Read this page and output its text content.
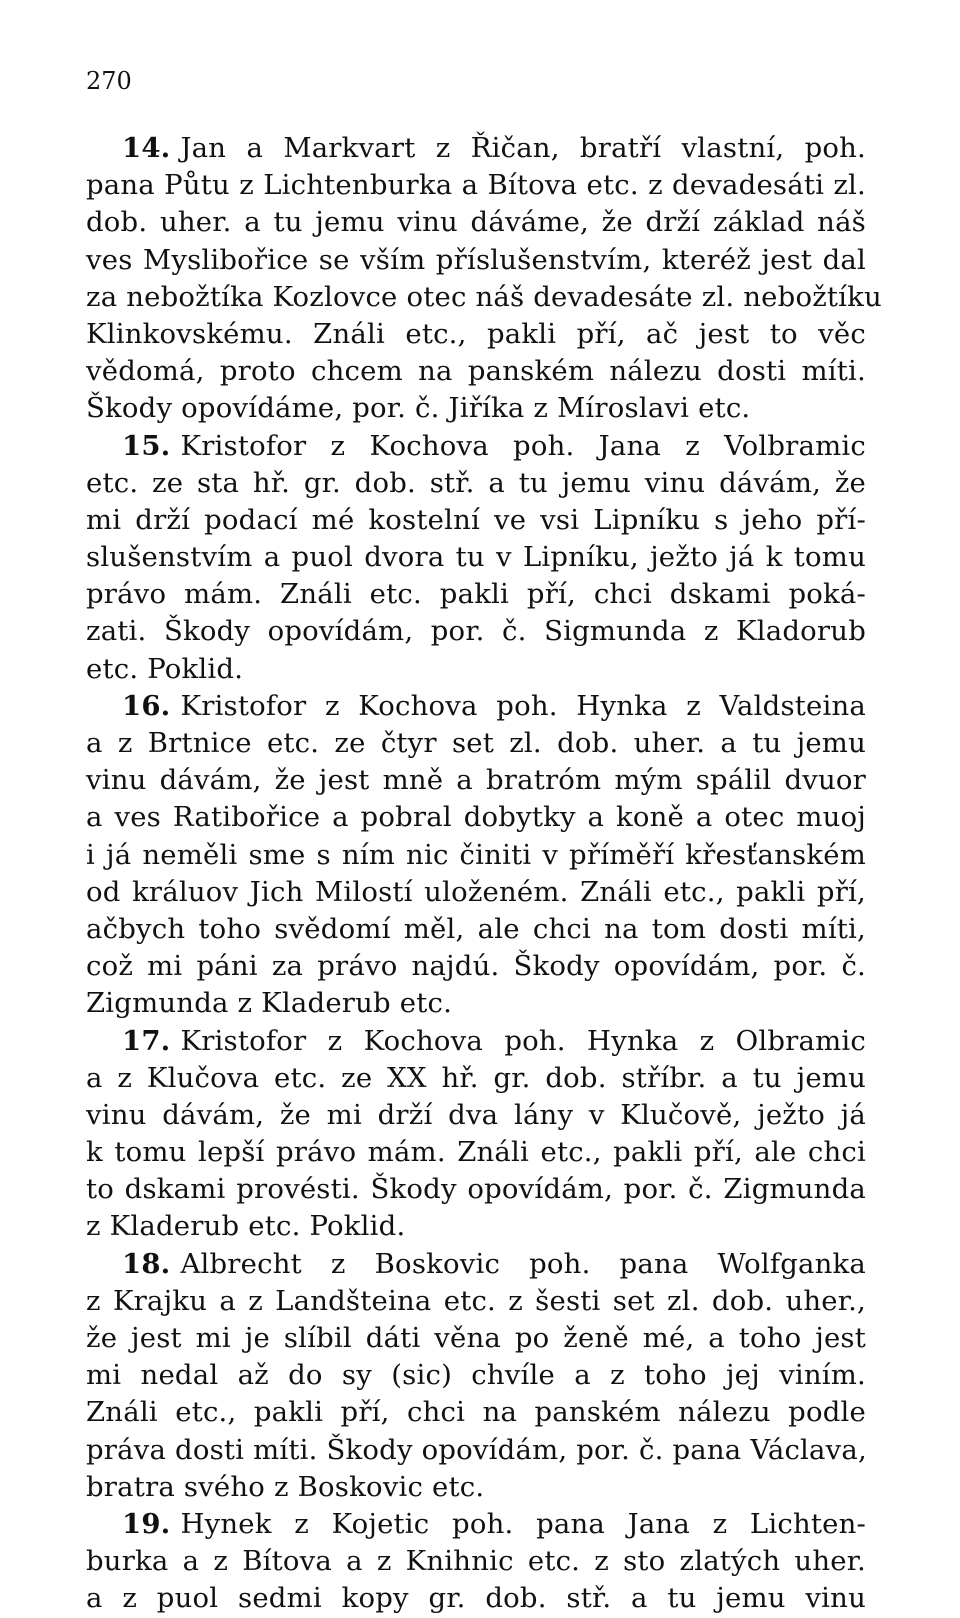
270
14. Jan a Markvart z Řičan, bratří vlastní, poh.
pana Půtu z Lichtenburka a Bítova etc. z devadesáti zl.
dob. uher. a tu jemu vinu dáváme, že drží základ náš
ves Myslibořice se vším příslušenstvím, kteréž jest dal
za nebožtíka Kozlovce otec náš devadesáte zl. nebožtíku
Klinkovskému. Ználi etc., pakli pří, ač jest to věc
vědomá, proto chcem na panském nálezu dosti míti.
Škody opovídáme, por. č. Jiříka z Míroslavi etc.
15. Kristofor z Kochova poh. Jana z Volbramic
etc. ze sta hř. gr. dob. stř. a tu jemu vinu dávám, že
mi drží podací mé kostelní ve vsi Lipníku s jeho pří-
slušenstvím a puol dvora tu v Lipníku, ježto já k tomu
právo mám. Ználi etc. pakli pří, chci dskami poká-
zati. Škody opovídám, por. č. Sigmunda z Kladorub
etc. Poklid.
16. Kristofor z Kochova poh. Hynka z Valdsteina
a z Brtnice etc. ze čtyr set zl. dob. uher. a tu jemu
vinu dávám, že jest mně a bratróm mým spálil dvuor
a ves Ratibořice a pobral dobytky a koně a otec muoj
i já neměli sme s ním nic činiti v příměří křesťanském
od králuov Jich Milostí uloženém. Ználi etc., pakli pří,
ačbych toho svědomí měl, ale chci na tom dosti míti,
což mi páni za právo najdú. Škody opovídám, por. č.
Zigmunda z Kladerub etc.
17. Kristofor z Kochova poh. Hynka z Olbramic
a z Klučova etc. ze XX hř. gr. dob. stříbr. a tu jemu
vinu dávám, že mi drží dva lány v Klučově, ježto já
k tomu lepší právo mám. Ználi etc., pakli pří, ale chci
to dskami provésti. Škody opovídám, por. č. Zigmunda
z Kladerub etc. Poklid.
18. Albrecht z Boskovic poh. pana Wolfganka
z Krajku a z Landšteina etc. z šesti set zl. dob. uher.,
že jest mi je slíbil dáti věna po ženě mé, a toho jest
mi nedal až do sy (sic) chvíle a z toho jej viním.
Ználi etc., pakli pří, chci na panském nálezu podle
práva dosti míti. Škody opovídám, por. č. pana Václava,
bratra svého z Boskovic etc.
19. Hynek z Kojetic poh. pana Jana z Lichten-
burka a z Bítova a z Knihnic etc. z sto zlatých uher.
a z puol sedmi kopy gr. dob. stř. a tu jemu vinu
